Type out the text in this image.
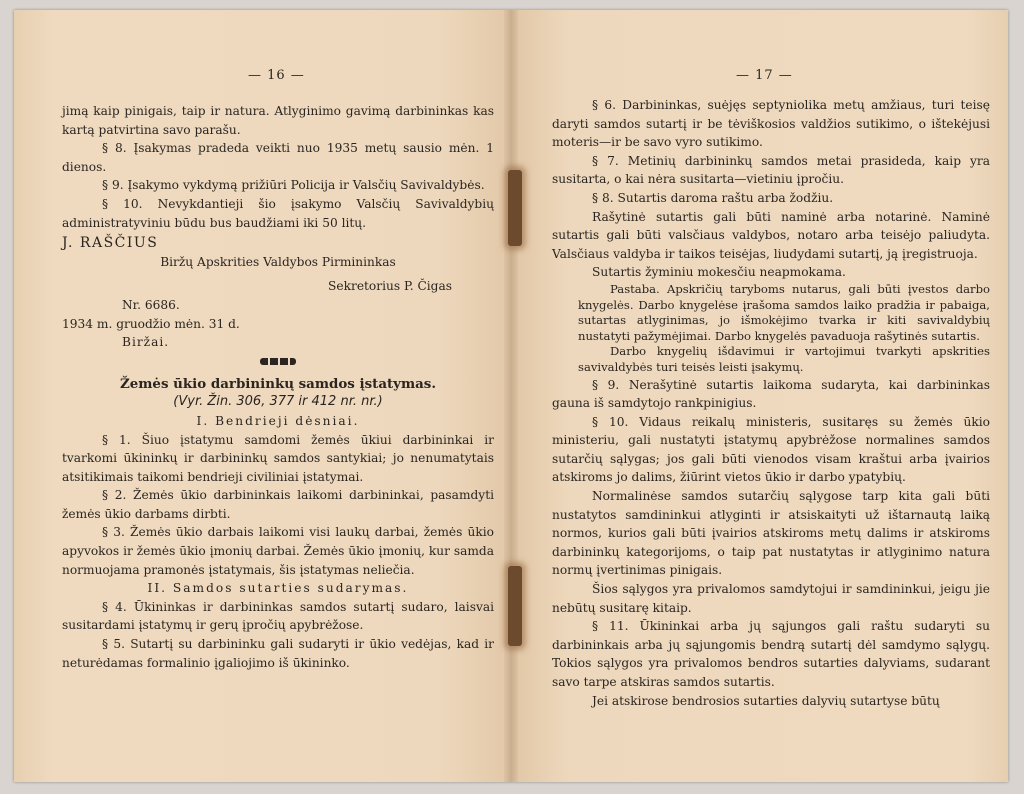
— 16 —

jimą kaip pinigais, taip ir natura. Atlyginimo gavimą darbininkas kas kartą patvirtina savo parašu.

§ 8. Įsakymas pradeda veikti nuo 1935 metų sausio mėn. 1 dienos.

§ 9. Įsakymo vykdymą prižiūri Policija ir Valsčių Savivaldybės.

§ 10. Nevykdantieji šio įsakymo Valsčių Savivaldybių administratyviniu būdu bus baudžiami iki 50 litų.

J. RAŠČIUS

Biržų Apskrities Valdybos Pirmininkas

Sekretorius P. Čigas

Nr. 6686.

1934 m. gruodžio mėn. 31 d.

Biržai.

Žemės ūkio darbininkų samdos įstatymas.

(Vyr. Žin. 306, 377 ir 412 nr. nr.)

I. Bendrieji dėsniai.

§ 1. Šiuo įstatymu samdomi žemės ūkiui darbininkai ir tvarkomi ūkininkų ir darbininkų samdos santykiai; jo nenumatytais atsitikimais taikomi bendrieji civiliniai įstatymai.

§ 2. Žemės ūkio darbininkais laikomi darbininkai, pasamdyti žemės ūkio darbams dirbti.

§ 3. Žemės ūkio darbais laikomi visi laukų darbai, žemės ūkio apyvokos ir žemės ūkio įmonių darbai. Žemės ūkio įmonių, kur samda normuojama pramonės įstatymais, šis įstatymas neliečia.

II. Samdos sutarties sudarymas.

§ 4. Ūkininkas ir darbininkas samdos sutartį sudaro, laisvai susitardami įstatymų ir gerų įpročių apybrėžose.

§ 5. Sutartį su darbininku gali sudaryti ir ūkio vedėjas, kad ir neturėdamas formalinio įgaliojimo iš ūkininko.

— 17 —

§ 6. Darbininkas, suėjęs septyniolika metų amžiaus, turi teisę daryti samdos sutartį ir be tėviškosios valdžios sutikimo, o ištekėjusi moteris—ir be savo vyro sutikimo.

§ 7. Metinių darbininkų samdos metai prasideda, kaip yra susitarta, o kai nėra susitarta—vietiniu įpročiu.

§ 8. Sutartis daroma raštu arba žodžiu.

Rašytinė sutartis gali būti naminė arba notarinė. Naminė sutartis gali būti valsčiaus valdybos, notaro arba teisėjo paliudyta. Valsčiaus valdyba ir taikos teisėjas, liudydami sutartį, ją įregistruoja.

Sutartis žyminiu mokesčiu neapmokama.

Pastaba. Apskričių taryboms nutarus, gali būti įvestos darbo knygelės. Darbo knygelėse įrašoma samdos laiko pradžia ir pabaiga, sutartas atlyginimas, jo išmokėjimo tvarka ir kiti savivaldybių nustatyti pažymėjimai. Darbo knygelės pavaduoja rašytinės sutartis.

Darbo knygelių išdavimui ir vartojimui tvarkyti apskrities savivaldybės turi teisės leisti įsakymų.

§ 9. Nerašytinė sutartis laikoma sudaryta, kai darbininkas gauna iš samdytojo rankpinigius.

§ 10. Vidaus reikalų ministeris, susitaręs su žemės ūkio ministeriu, gali nustatyti įstatymų apybrėžose normalines samdos sutarčių sąlygas; jos gali būti vienodos visam kraštui arba įvairios atskiroms jo dalims, žiūrint vietos ūkio ir darbo ypatybių.

Normalinėse samdos sutarčių sąlygose tarp kita gali būti nustatytos samdininkui atlyginti ir atsiskaityti už ištarnautą laiką normos, kurios gali būti įvairios atskiroms metų dalims ir atskiroms darbininkų kategorijoms, o taip pat nustatytas ir atlyginimo natura normų įvertinimas pinigais.

Šios sąlygos yra privalomos samdytojui ir samdininkui, jeigu jie nebūtų susitarę kitaip.

§ 11. Ūkininkai arba jų sąjungos gali raštu sudaryti su darbininkais arba jų sąjungomis bendrą sutartį dėl samdymo sąlygų. Tokios sąlygos yra privalomos bendros sutarties dalyviams, sudarant savo tarpe atskiras samdos sutartis.

Jei atskirose bendrosios sutarties dalyvių sutartyse būtų
